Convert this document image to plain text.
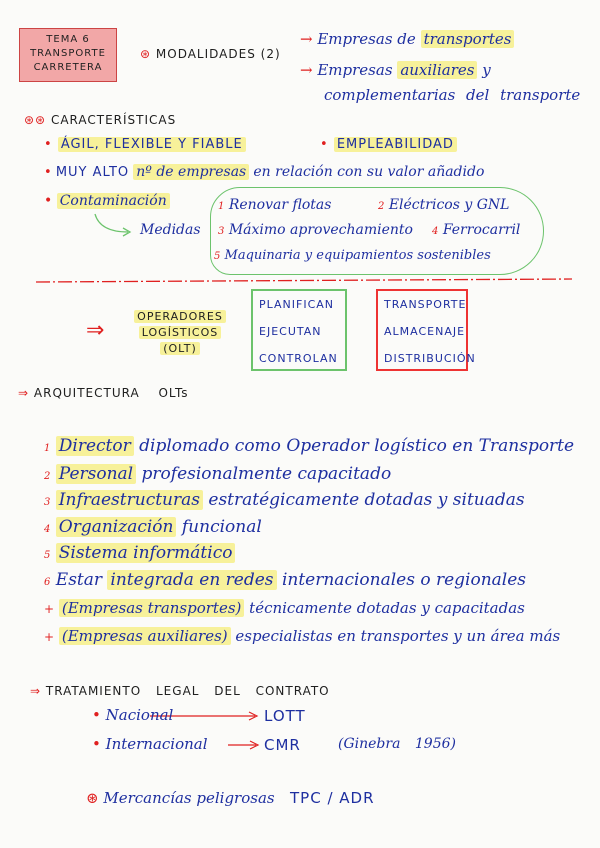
TEMA 6
TRANSPORTE
CARRETERA
⊛ MODALIDADES (2)
→ Empresas de transportes
→ Empresas auxiliares y
complementarias del transporte
⊛⊛ CARACTERÍSTICAS
• ÁGIL, FLEXIBLE Y FIABLE	• EMPLEABILIDAD
• MUY ALTO nº de empresas en relación con su valor añadido
• Contaminación
Medidas
1 Renovar flotas	2 Eléctricos y GNL
3 Máximo aprovechamiento 4 Ferrocarril
5 Maquinaria y equipamientos sostenibles
⇒
OPERADORES
LOGÍSTICOS
(OLT)
PLANIFICAN
EJECUTAN
CONTROLAN
TRANSPORTE
ALMACENAJE
DISTRIBUCIÓN
⇒ ARQUITECTURA OLTs
1 Director diplomado como Operador logístico en Transporte
2 Personal profesionalmente capacitado
3 Infraestructuras estratégicamente dotadas y situadas
4 Organización funcional
5 Sistema informático
6 Estar integrada en redes internacionales o regionales
+ (Empresas transportes) técnicamente dotadas y capacitadas
+ (Empresas auxiliares) especialistas en transportes y un área más
⇒ TRATAMIENTO LEGAL DEL CONTRATO
• Nacional	LOTT
• Internacional	CMR	(Ginebra 1956)
⊛ Mercancías peligrosas TPC / ADR
